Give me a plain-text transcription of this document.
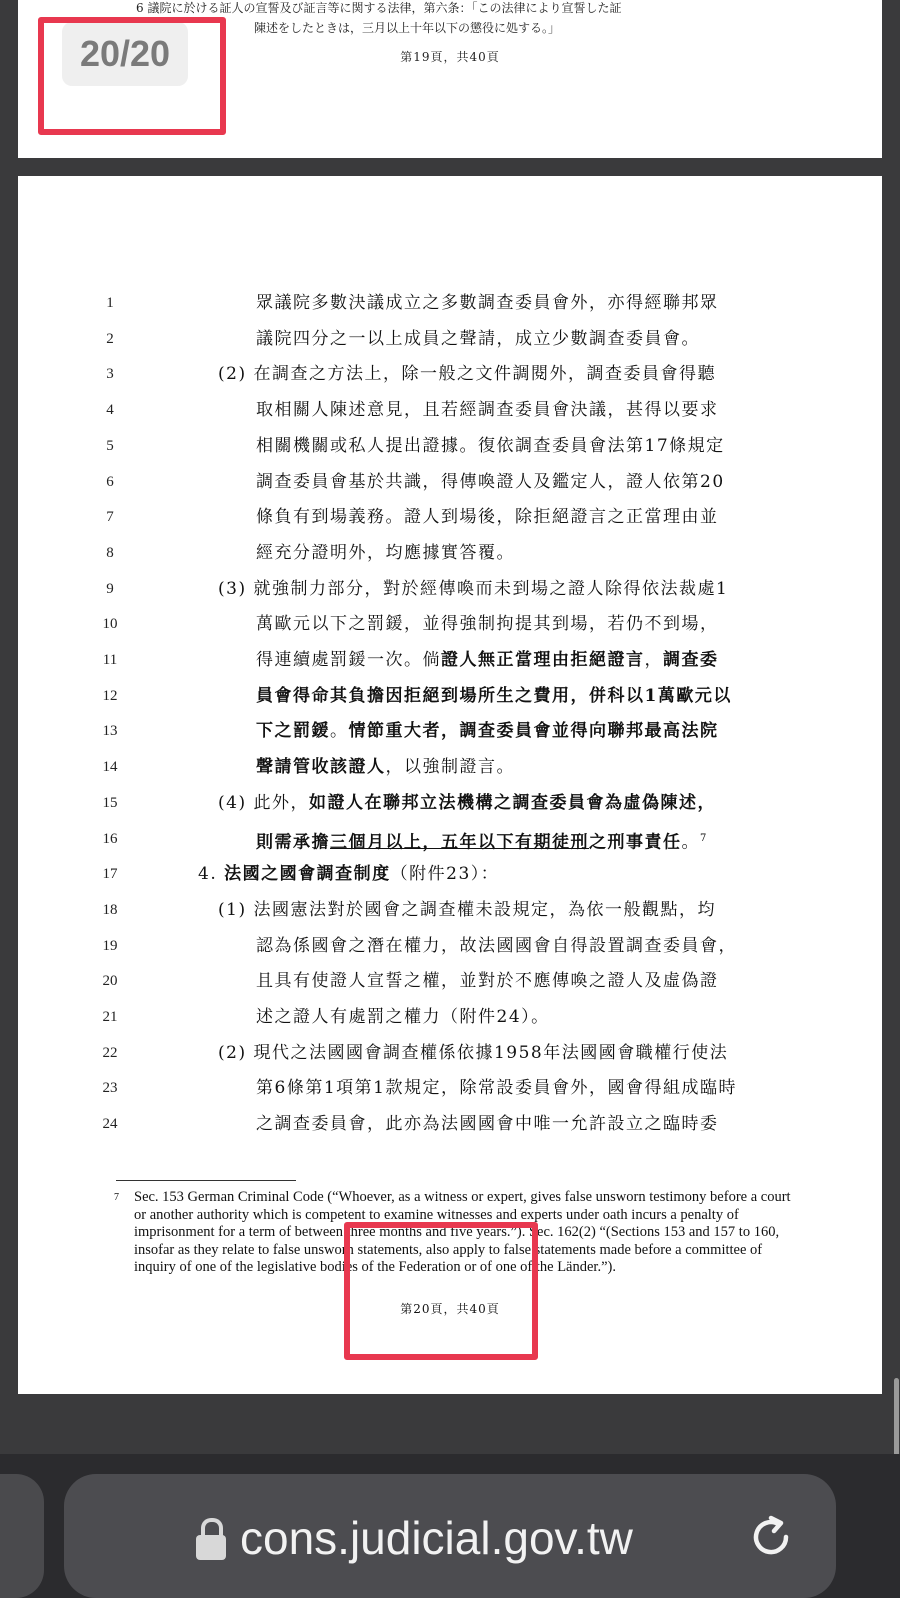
6 議院に於ける証人の宣誓及び証言等に関する法律，第六条：「この法律により宣誓した証
陳述をしたときは，三月以上十年以下の懲役に処する。」
第19頁，共40頁
1	眾議院多數決議成立之多數調查委員會外，亦得經聯邦眾
2	議院四分之一以上成員之聲請，成立少數調查委員會。
3	(2) 在調查之方法上，除一般之文件調閱外，調查委員會得聽
4	取相關人陳述意見，且若經調查委員會決議，甚得以要求
5	相關機關或私人提出證據。復依調查委員會法第17條規定
6	調查委員會基於共識，得傳喚證人及鑑定人，證人依第20
7	條負有到場義務。證人到場後，除拒絕證言之正當理由並
8	經充分證明外，均應據實答覆。
9	(3) 就強制力部分，對於經傳喚而未到場之證人除得依法裁處1
10	萬歐元以下之罰鍰，並得強制拘提其到場，若仍不到場，
11	得連續處罰鍰一次。倘證人無正當理由拒絕證言，調查委
12	員會得命其負擔因拒絕到場所生之費用，併科以1萬歐元以
13	下之罰鍰。情節重大者，調查委員會並得向聯邦最高法院
14	聲請管收該證人，以強制證言。
15	(4) 此外，如證人在聯邦立法機構之調查委員會為虛偽陳述，
16	則需承擔三個月以上，五年以下有期徒刑之刑事責任。$^7$
17	4. 法國之國會調查制度（附件23）：
18	(1) 法國憲法對於國會之調查權未設規定，為依一般觀點，均
19	認為係國會之潛在權力，故法國國會自得設置調查委員會，
20	且具有使證人宣誓之權，並對於不應傳喚之證人及虛偽證
21	述之證人有處罰之權力（附件24）。
22	(2) 現代之法國國會調查權係依據1958年法國國會職權行使法
23	第6條第1項第1款規定，除常設委員會外，國會得組成臨時
24	之調查委員會，此亦為法國國會中唯一允許設立之臨時委
7 Sec. 153 German Criminal Code (“Whoever, as a witness or expert, gives false unsworn testimony before a court or another authority which is competent to examine witnesses and experts under oath incurs a penalty of imprisonment for a term of between three months and five years.”). Sec. 162(2) “(Sections 153 and 157 to 160, insofar as they relate to false unsworn statements, also apply to false statements made before a committee of inquiry of one of the legislative bodies of the Federation or of one of the Länder.”).
第20頁，共40頁
20/20
cons.judicial.gov.tw
